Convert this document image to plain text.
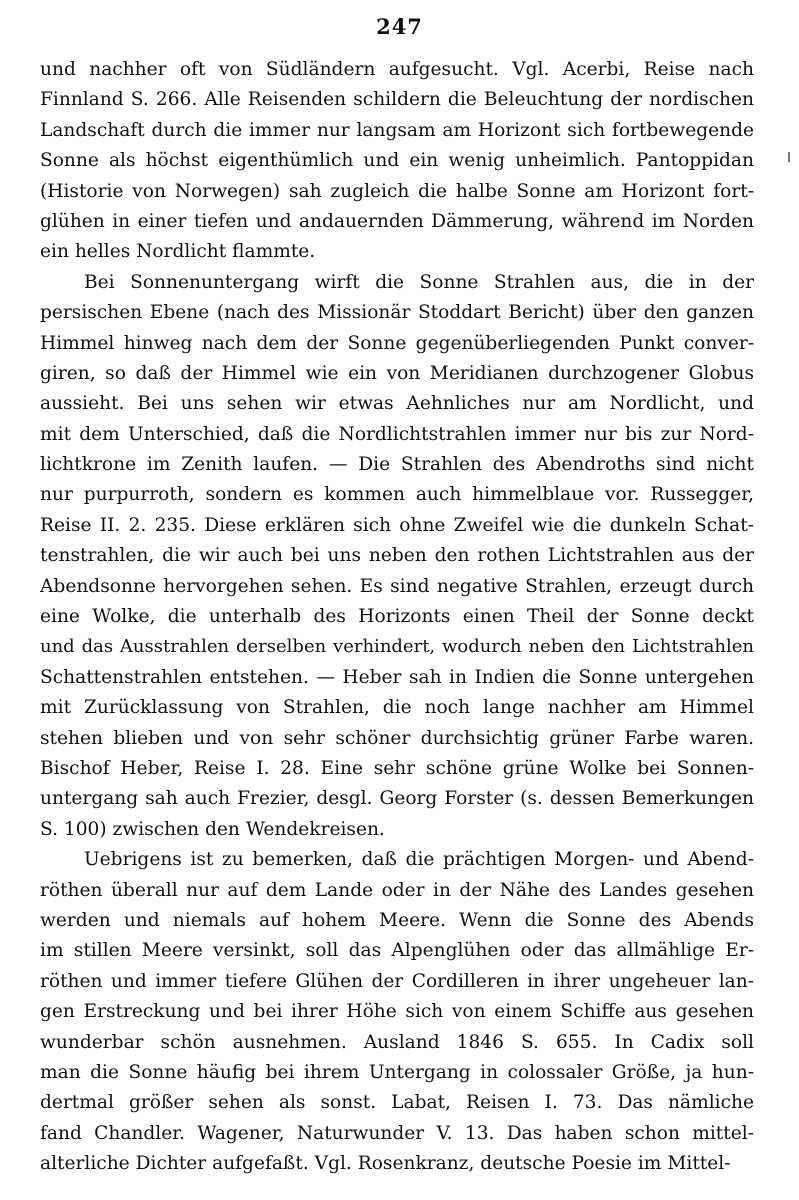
247
und nachher oft von Südländern aufgesucht. Vgl. Acerbi, Reise nach
Finnland S. 266. Alle Reisenden schildern die Beleuchtung der nordischen
Landschaft durch die immer nur langsam am Horizont sich fortbewegende
Sonne als höchst eigenthümlich und ein wenig unheimlich. Pantoppidan
(Historie von Norwegen) sah zugleich die halbe Sonne am Horizont fort-
glühen in einer tiefen und andauernden Dämmerung, während im Norden
ein helles Nordlicht flammte.
Bei Sonnenuntergang wirft die Sonne Strahlen aus, die in der
persischen Ebene (nach des Missionär Stoddart Bericht) über den ganzen
Himmel hinweg nach dem der Sonne gegenüberliegenden Punkt conver-
giren, so daß der Himmel wie ein von Meridianen durchzogener Globus
aussieht. Bei uns sehen wir etwas Aehnliches nur am Nordlicht, und
mit dem Unterschied, daß die Nordlichtstrahlen immer nur bis zur Nord-
lichtkrone im Zenith laufen. — Die Strahlen des Abendroths sind nicht
nur purpurroth, sondern es kommen auch himmelblaue vor. Russegger,
Reise II. 2. 235. Diese erklären sich ohne Zweifel wie die dunkeln Schat-
tenstrahlen, die wir auch bei uns neben den rothen Lichtstrahlen aus der
Abendsonne hervorgehen sehen. Es sind negative Strahlen, erzeugt durch
eine Wolke, die unterhalb des Horizonts einen Theil der Sonne deckt
und das Ausstrahlen derselben verhindert, wodurch neben den Lichtstrahlen
Schattenstrahlen entstehen. — Heber sah in Indien die Sonne untergehen
mit Zurücklassung von Strahlen, die noch lange nachher am Himmel
stehen blieben und von sehr schöner durchsichtig grüner Farbe waren.
Bischof Heber, Reise I. 28. Eine sehr schöne grüne Wolke bei Sonnen-
untergang sah auch Frezier, desgl. Georg Forster (s. dessen Bemerkungen
S. 100) zwischen den Wendekreisen.
Uebrigens ist zu bemerken, daß die prächtigen Morgen- und Abend-
röthen überall nur auf dem Lande oder in der Nähe des Landes gesehen
werden und niemals auf hohem Meere. Wenn die Sonne des Abends
im stillen Meere versinkt, soll das Alpenglühen oder das allmählige Er-
röthen und immer tiefere Glühen der Cordilleren in ihrer ungeheuer lan-
gen Erstreckung und bei ihrer Höhe sich von einem Schiffe aus gesehen
wunderbar schön ausnehmen. Ausland 1846 S. 655. In Cadix soll
man die Sonne häufig bei ihrem Untergang in colossaler Größe, ja hun-
dertmal größer sehen als sonst. Labat, Reisen I. 73. Das nämliche
fand Chandler. Wagener, Naturwunder V. 13. Das haben schon mittel-
alterliche Dichter aufgefaßt. Vgl. Rosenkranz, deutsche Poesie im Mittel-
